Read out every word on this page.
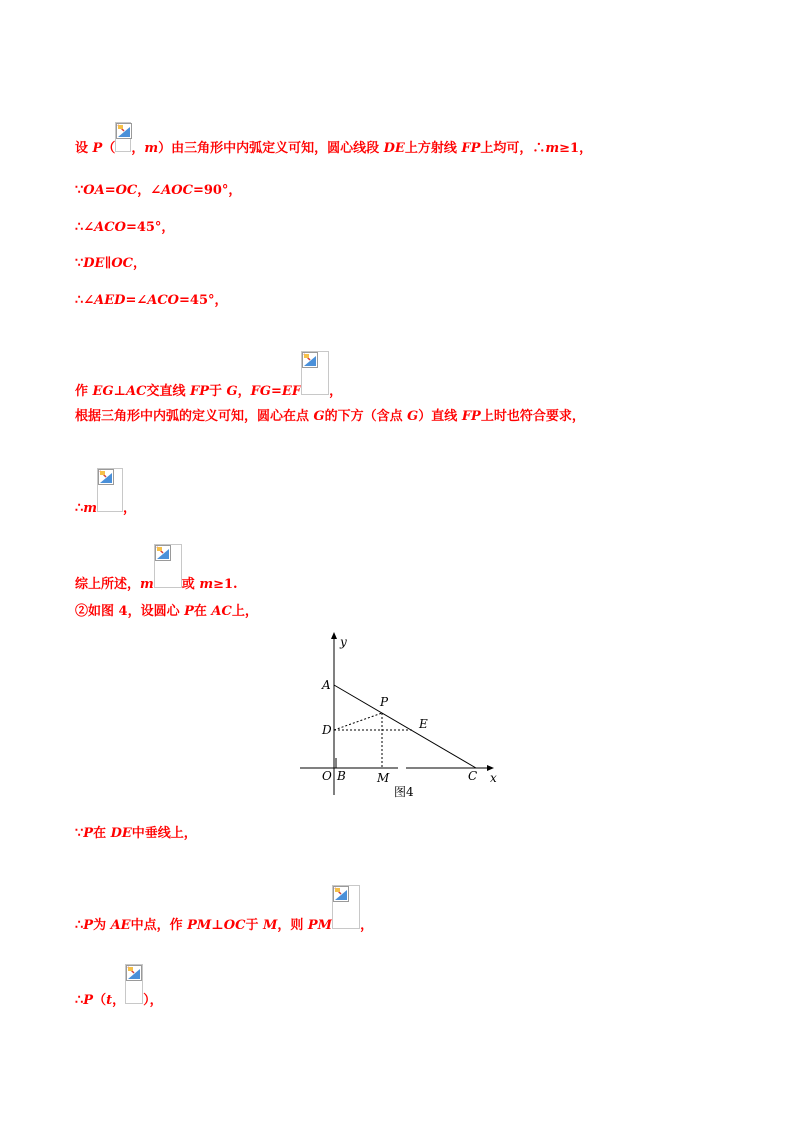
设 P（ ，m）由三角形中内弧定义可知，圆心线段 DE上方射线 FP上均可，∴m≥1，
∵OA=OC，∠AOC=90°，
∴∠ACO=45°，
∵DE∥OC，
∴∠AED=∠ACO=45°，
作 EG⊥AC交直线 FP于 G，FG=EF ，
根据三角形中内弧的定义可知，圆心在点 G的下方（含点 G）直线 FP上时也符合要求，
∴m ，
综上所述，m 或 m≥1.
②如图 4，设圆心 P在 AC上，
y
A
P
D	E
O B	M	C x
图4
∵P在 DE中垂线上，
∴P为 AE中点，作 PM⊥OC于 M，则 PM ，
∴P（t， ），
